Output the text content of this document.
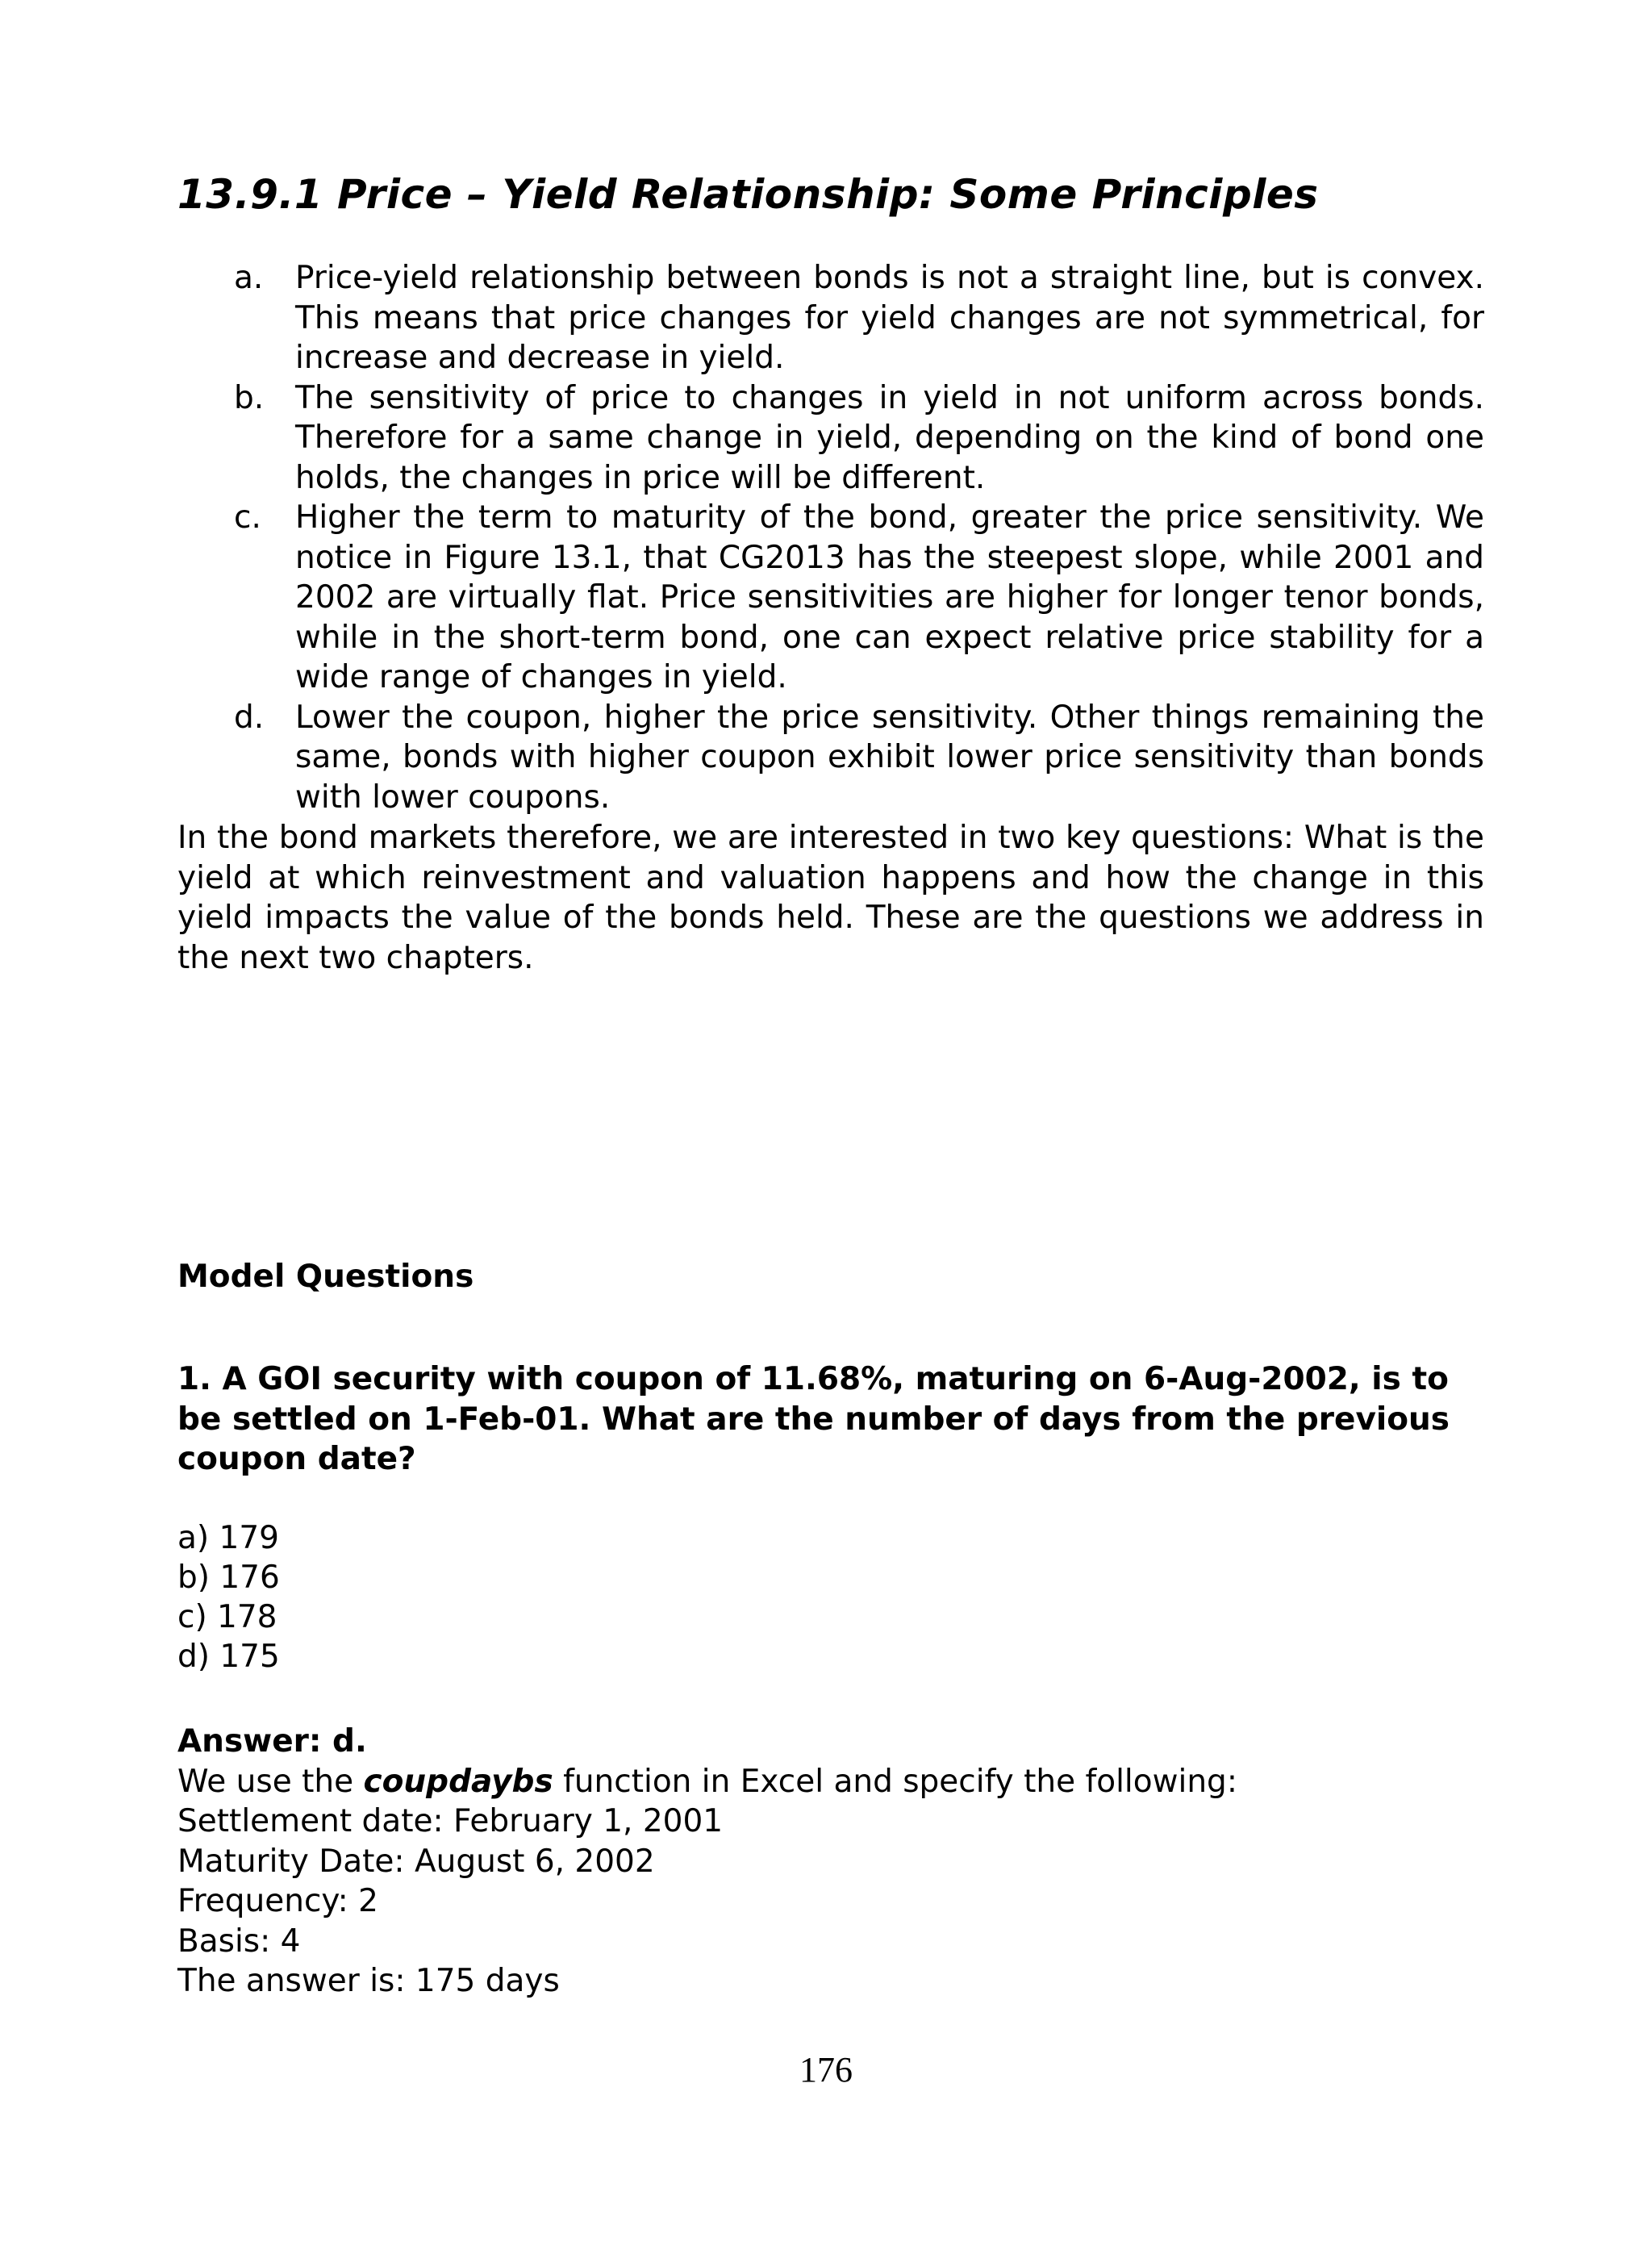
13.9.1 Price – Yield Relationship: Some Principles
a. Price-yield relationship between bonds is not a straight line, but is convex. This means that price changes for yield changes are not symmetrical, for increase and decrease in yield.
b. The sensitivity of price to changes in yield in not uniform across bonds. Therefore for a same change in yield, depending on the kind of bond one holds, the changes in price will be different.
c. Higher the term to maturity of the bond, greater the price sensitivity. We notice in Figure 13.1, that CG2013 has the steepest slope, while 2001 and 2002 are virtually flat. Price sensitivities are higher for longer tenor bonds, while in the short-term bond, one can expect relative price stability for a wide range of changes in yield.
d. Lower the coupon, higher the price sensitivity. Other things remaining the same, bonds with higher coupon exhibit lower price sensitivity than bonds with lower coupons.

In the bond markets therefore, we are interested in two key questions: What is the yield at which reinvestment and valuation happens and how the change in this yield impacts the value of the bonds held. These are the questions we address in the next two chapters.

Model Questions

1. A GOI security with coupon of 11.68%, maturing on 6-Aug-2002, is to be settled on 1-Feb-01. What are the number of days from the previous coupon date?

a) 179
b) 176
c) 178
d) 175

Answer: d.

We use the coupdaybs function in Excel and specify the following:

Settlement date: February 1, 2001

Maturity Date: August 6, 2002

Frequency: 2

Basis: 4

The answer is: 175 days

176
